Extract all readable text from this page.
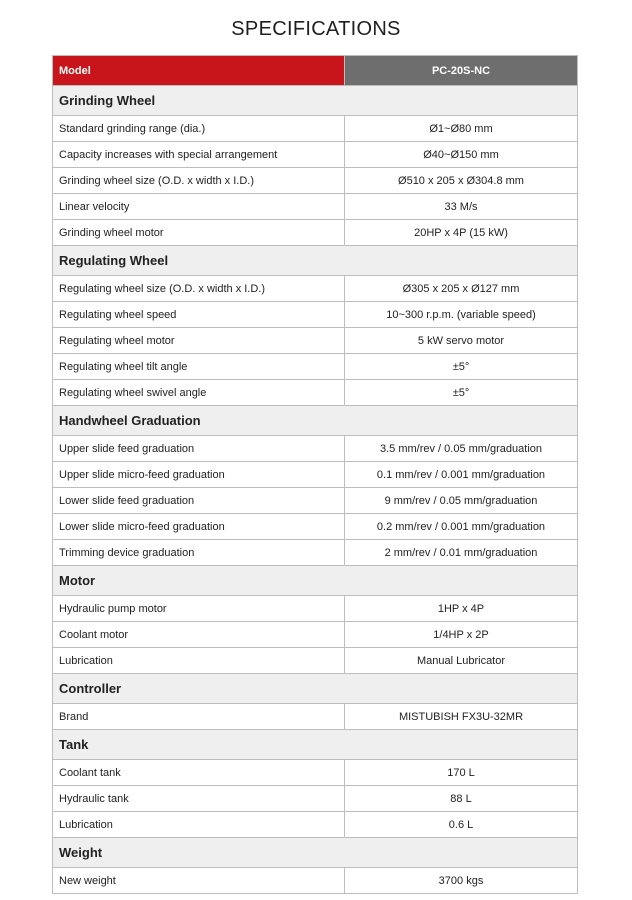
SPECIFICATIONS
Model	PC-20S-NC
Grinding Wheel	
Standard grinding range (dia.)	Ø1~Ø80 mm
Capacity increases with special arrangement	Ø40~Ø150 mm
Grinding wheel size (O.D. x width x I.D.)	Ø510 x 205 x Ø304.8 mm
Linear velocity	33 M/s
Grinding wheel motor	20HP x 4P (15 kW)
Regulating Wheel	
Regulating wheel size (O.D. x width x I.D.)	Ø305 x 205 x Ø127 mm
Regulating wheel speed	10~300 r.p.m. (variable speed)
Regulating wheel motor	5 kW servo motor
Regulating wheel tilt angle	±5°
Regulating wheel swivel angle	±5°
Handwheel Graduation	
Upper slide feed graduation	3.5 mm/rev / 0.05 mm/graduation
Upper slide micro-feed graduation	0.1 mm/rev / 0.001 mm/graduation
Lower slide feed graduation	9 mm/rev / 0.05 mm/graduation
Lower slide micro-feed graduation	0.2 mm/rev / 0.001 mm/graduation
Trimming device graduation	2 mm/rev / 0.01 mm/graduation
Motor	
Hydraulic pump motor	1HP x 4P
Coolant motor	1/4HP x 2P
Lubrication	Manual Lubricator
Controller	
Brand	MISTUBISH FX3U-32MR
Tank	
Coolant tank	170 L
Hydraulic tank	88 L
Lubrication	0.6 L
Weight	
New weight	3700 kgs
